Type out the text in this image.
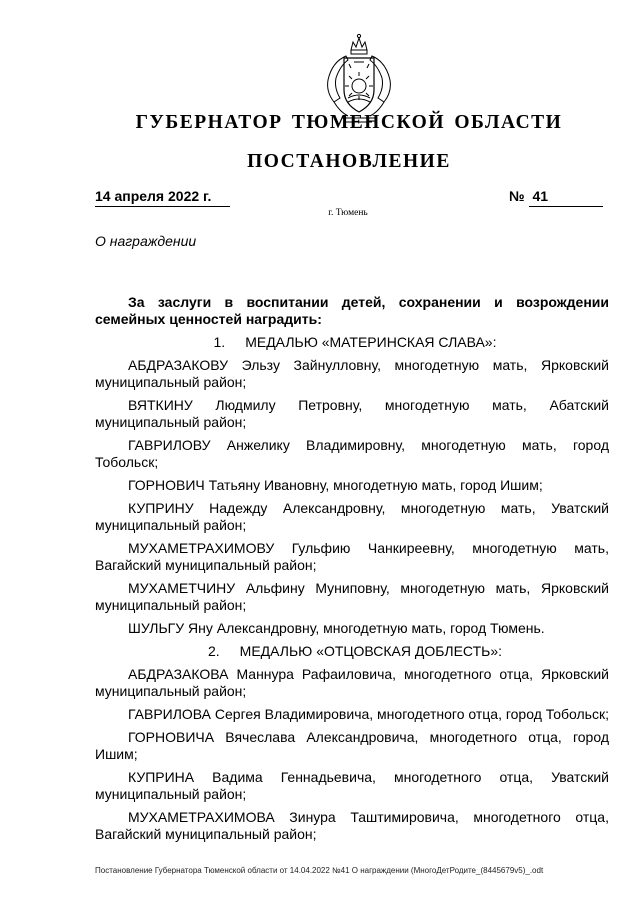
ГУБЕРНАТОР ТЮМЕНСКОЙ ОБЛАСТИ
ПОСТАНОВЛЕНИЕ
14 апреля 2022 г.	№ 41
г. Тюмень
О награждении

За заслуги в воспитании детей, сохранении и возрождении семейных ценностей наградить:

1. МЕДАЛЬЮ «МАТЕРИНСКАЯ СЛАВА»:

АБДРАЗАКОВУ Эльзу Зайнулловну, многодетную мать, Ярковский муниципальный район;

ВЯТКИНУ Людмилу Петровну, многодетную мать, Абатский муниципальный район;

ГАВРИЛОВУ Анжелику Владимировну, многодетную мать, город Тобольск;

ГОРНОВИЧ Татьяну Ивановну, многодетную мать, город Ишим;

КУПРИНУ Надежду Александровну, многодетную мать, Уватский муниципальный район;

МУХАМЕТРАХИМОВУ Гульфию Чанкиреевну, многодетную мать, Вагайский муниципальный район;

МУХАМЕТЧИНУ Альфину Муниповну, многодетную мать, Ярковский муниципальный район;

ШУЛЬГУ Яну Александровну, многодетную мать, город Тюмень.

2. МЕДАЛЬЮ «ОТЦОВСКАЯ ДОБЛЕСТЬ»:

АБДРАЗАКОВА Маннура Рафаиловича, многодетного отца, Ярковский муниципальный район;

ГАВРИЛОВА Сергея Владимировича, многодетного отца, город Тобольск;

ГОРНОВИЧА Вячеслава Александровича, многодетного отца, город Ишим;

КУПРИНА Вадима Геннадьевича, многодетного отца, Уватский муниципальный район;

МУХАМЕТРАХИМОВА Зинура Таштимировича, многодетного отца, Вагайский муниципальный район;

Постановление Губернатора Тюменской области от 14.04.2022 №41 О награждении (МногоДетРодите_(8445679v5)_.odt
